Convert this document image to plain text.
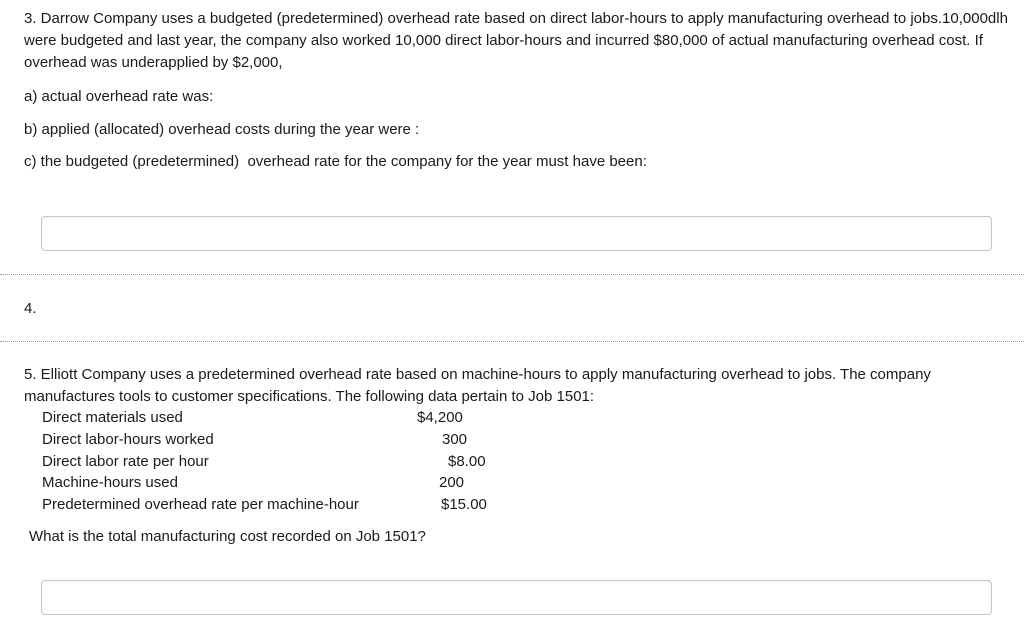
3. Darrow Company uses a budgeted (predetermined) overhead rate based on direct labor-hours to apply manufacturing overhead to jobs.10,000dlh were budgeted and last year, the company also worked 10,000 direct labor-hours and incurred $80,000 of actual manufacturing overhead cost. If overhead was underapplied by $2,000,
a) actual overhead rate was:
b) applied (allocated) overhead costs during the year were :
c) the budgeted (predetermined)  overhead rate for the company for the year must have been:
4.
5. Elliott Company uses a predetermined overhead rate based on machine-hours to apply manufacturing overhead to jobs. The company manufactures tools to customer specifications. The following data pertain to Job 1501:
Direct materials used	$4,200
Direct labor-hours worked	300
Direct labor rate per hour	$8.00
Machine-hours used	200
Predetermined overhead rate per machine-hour	$15.00
What is the total manufacturing cost recorded on Job 1501?
